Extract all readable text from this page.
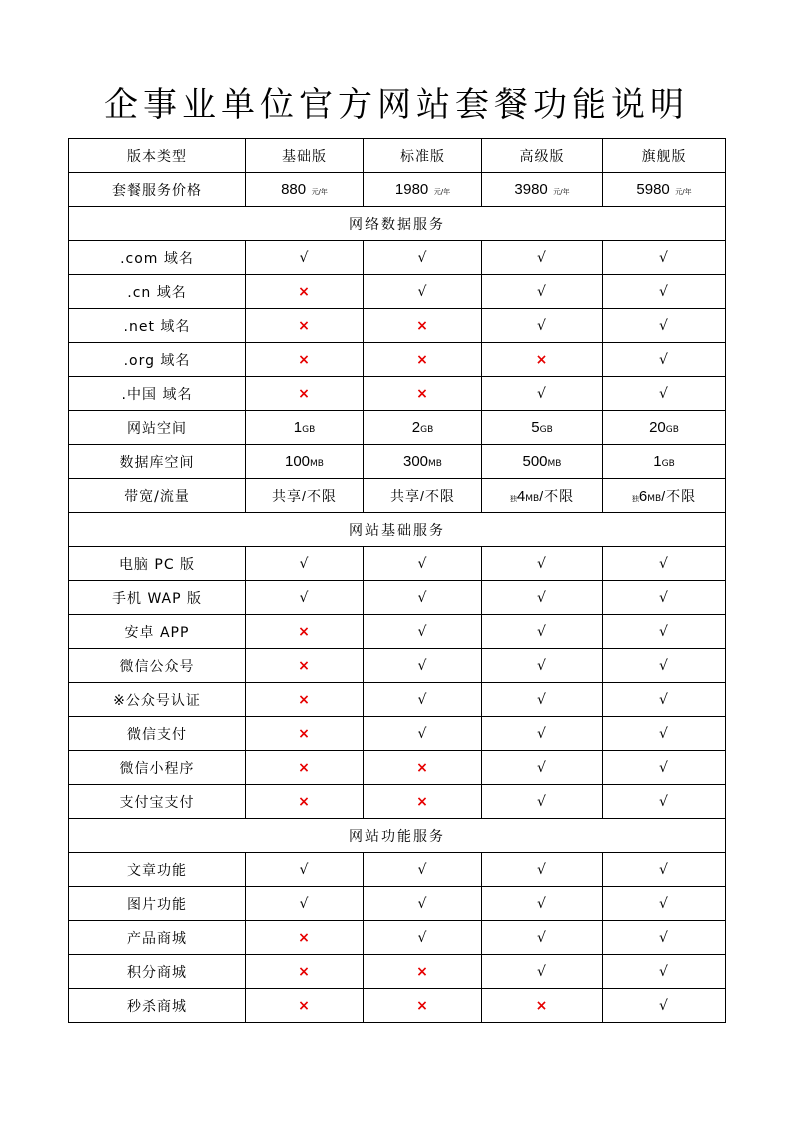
企事业单位官方网站套餐功能说明
版本类型	基础版	标准版	高级版	旗舰版
套餐服务价格	880 元/年	1980 元/年	3980 元/年	5980 元/年
网络数据服务				
.com 域名	√	√	√	√
.cn 域名	×	√	√	√
.net 域名	×	×	√	√
.org 域名	×	×	×	√
.中国 域名	×	×	√	√
网站空间	1GB	2GB	5GB	20GB
数据库空间	100MB	300MB	500MB	1GB
带宽/流量	共享/不限	共享/不限	独4MB/不限	独6MB/不限
网站基础服务				
电脑 PC 版	√	√	√	√
手机 WAP 版	√	√	√	√
安卓 APP	×	√	√	√
微信公众号	×	√	√	√
※公众号认证	×	√	√	√
微信支付	×	√	√	√
微信小程序	×	×	√	√
支付宝支付	×	×	√	√
网站功能服务				
文章功能	√	√	√	√
图片功能	√	√	√	√
产品商城	×	√	√	√
积分商城	×	×	√	√
秒杀商城	×	×	×	√
